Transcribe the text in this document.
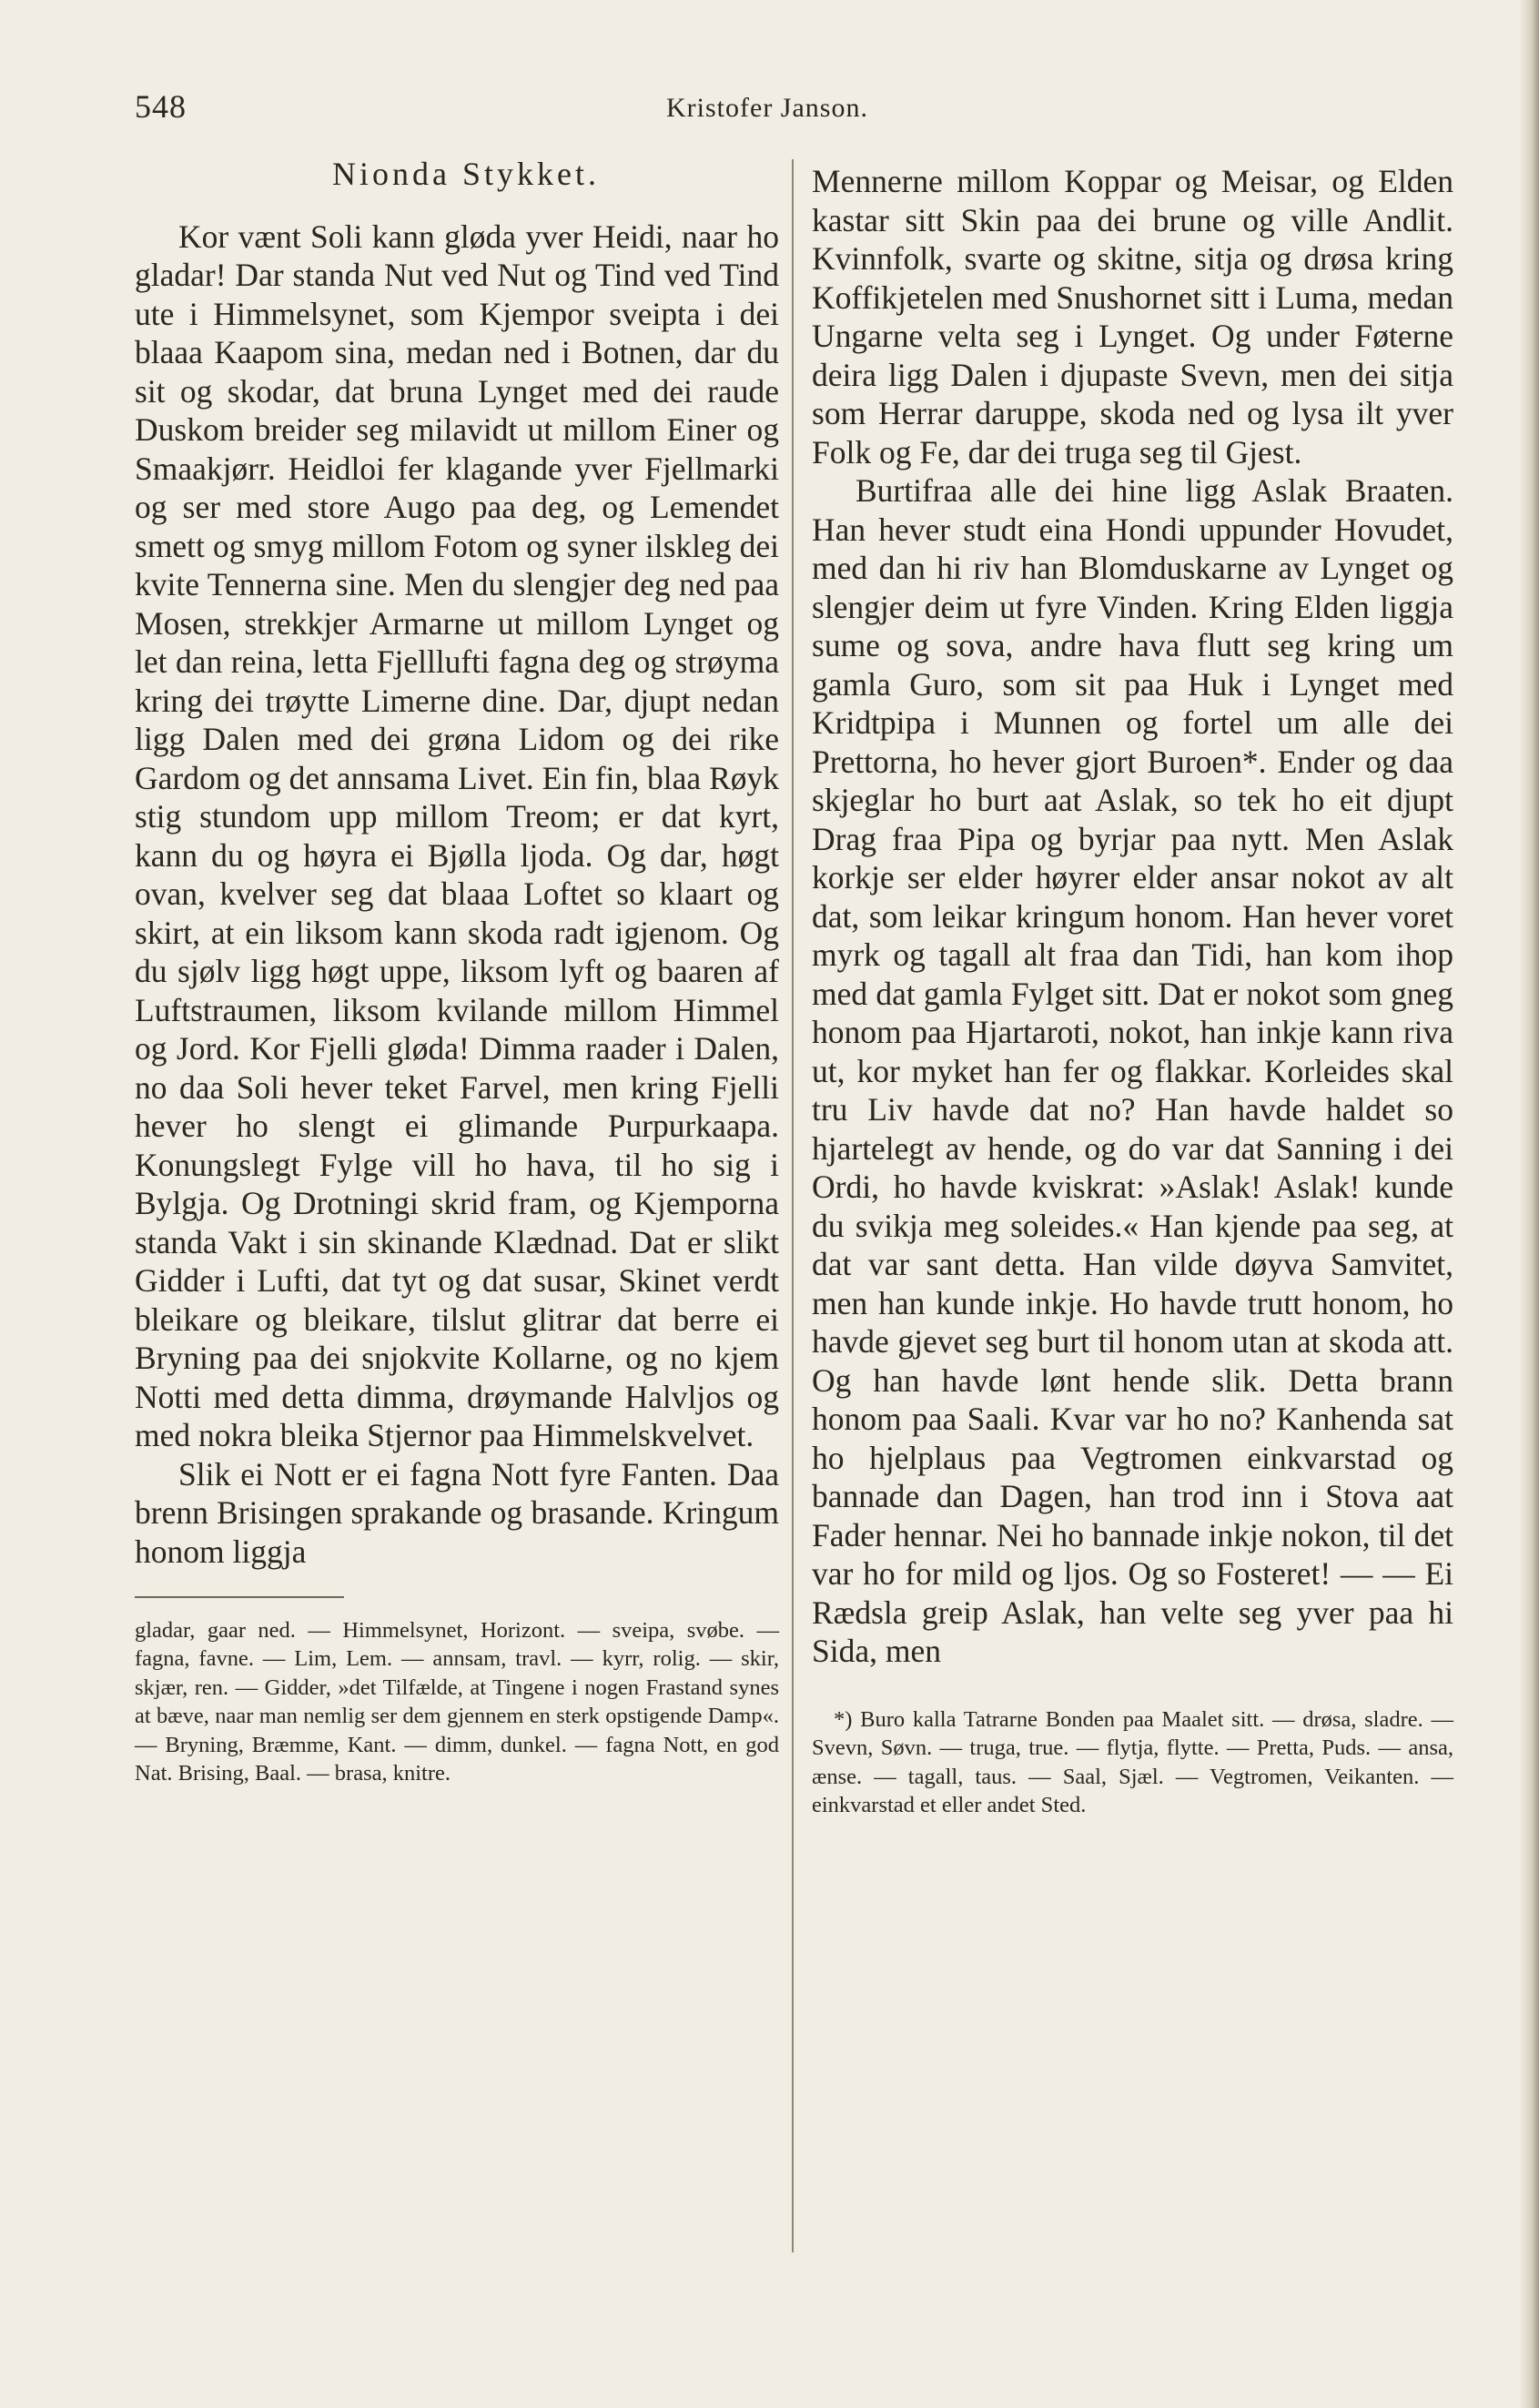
548	Kristofer Janson.
Nionda Stykket.

Kor vænt Soli kann gløda yver Heidi, naar ho gladar! Dar standa Nut ved Nut og Tind ved Tind ute i Himmelsynet, som Kjempor sveipta i dei blaaa Kaapom sina, medan ned i Botnen, dar du sit og skodar, dat bruna Lynget med dei raude Duskom breider seg milavidt ut millom Einer og Smaakjørr. Heidloi fer klagande yver Fjellmarki og ser med store Augo paa deg, og Lemendet smett og smyg millom Fotom og syner ilskleg dei kvite Tennerna sine. Men du slengjer deg ned paa Mosen, strekkjer Armarne ut millom Lynget og let dan reina, letta Fjelllufti fagna deg og strøyma kring dei trøytte Limerne dine. Dar, djupt nedan ligg Dalen med dei grøna Lidom og dei rike Gardom og det annsama Livet. Ein fin, blaa Røyk stig stundom upp millom Treom; er dat kyrt, kann du og høyra ei Bjølla ljoda. Og dar, høgt ovan, kvelver seg dat blaaa Loftet so klaart og skirt, at ein liksom kann skoda radt igjenom. Og du sjølv ligg høgt uppe, liksom lyft og baaren af Luftstraumen, liksom kvilande millom Himmel og Jord. Kor Fjelli gløda! Dimma raader i Dalen, no daa Soli hever teket Farvel, men kring Fjelli hever ho slengt ei glimande Purpurkaapa. Konungslegt Fylge vill ho hava, til ho sig i Bylgja. Og Drotningi skrid fram, og Kjemporna standa Vakt i sin skinande Klædnad. Dat er slikt Gidder i Lufti, dat tyt og dat susar, Skinet verdt bleikare og bleikare, tilslut glitrar dat berre ei Bryning paa dei snjokvite Kollarne, og no kjem Notti med detta dimma, drøymande Halvljos og med nokra bleika Stjernor paa Himmelskvelvet.

Slik ei Nott er ei fagna Nott fyre Fanten. Daa brenn Brisingen sprakande og brasande. Kringum honom liggja

gladar, gaar ned. — Himmelsynet, Horizont. — sveipa, svøbe. — fagna, favne. — Lim, Lem. — annsam, travl. — kyrr, rolig. — skir, skjær, ren. — Gidder, »det Tilfælde, at Tingene i nogen Frastand synes at bæve, naar man nemlig ser dem gjennem en sterk opstigende Damp«. — Bryning, Bræmme, Kant. — dimm, dunkel. — fagna Nott, en god Nat. Brising, Baal. — brasa, knitre.

Mennerne millom Koppar og Meisar, og Elden kastar sitt Skin paa dei brune og ville Andlit. Kvinnfolk, svarte og skitne, sitja og drøsa kring Koffikjetelen med Snushornet sitt i Luma, medan Ungarne velta seg i Lynget. Og under Føterne deira ligg Dalen i djupaste Svevn, men dei sitja som Herrar daruppe, skoda ned og lysa ilt yver Folk og Fe, dar dei truga seg til Gjest.

Burtifraa alle dei hine ligg Aslak Braaten. Han hever studt eina Hondi uppunder Hovudet, med dan hi riv han Blomduskarne av Lynget og slengjer deim ut fyre Vinden. Kring Elden liggja sume og sova, andre hava flutt seg kring um gamla Guro, som sit paa Huk i Lynget med Kridtpipa i Munnen og fortel um alle dei Prettorna, ho hever gjort Buroen*. Ender og daa skjeglar ho burt aat Aslak, so tek ho eit djupt Drag fraa Pipa og byrjar paa nytt. Men Aslak korkje ser elder høyrer elder ansar nokot av alt dat, som leikar kringum honom. Han hever voret myrk og tagall alt fraa dan Tidi, han kom ihop med dat gamla Fylget sitt. Dat er nokot som gneg honom paa Hjartaroti, nokot, han inkje kann riva ut, kor myket han fer og flakkar. Korleides skal tru Liv havde dat no? Han havde haldet so hjartelegt av hende, og do var dat Sanning i dei Ordi, ho havde kviskrat: »Aslak! Aslak! kunde du svikja meg soleides.« Han kjende paa seg, at dat var sant detta. Han vilde døyva Samvitet, men han kunde inkje. Ho havde trutt honom, ho havde gjevet seg burt til honom utan at skoda att. Og han havde lønt hende slik. Detta brann honom paa Saali. Kvar var ho no? Kanhenda sat ho hjelplaus paa Vegtromen einkvarstad og bannade dan Dagen, han trod inn i Stova aat Fader hennar. Nei ho bannade inkje nokon, til det var ho for mild og ljos. Og so Fosteret! — — Ei Rædsla greip Aslak, han velte seg yver paa hi Sida, men

*) Buro kalla Tatrarne Bonden paa Maalet sitt. — drøsa, sladre. — Svevn, Søvn. — truga, true. — flytja, flytte. — Pretta, Puds. — ansa, ænse. — tagall, taus. — Saal, Sjæl. — Vegtromen, Veikanten. — einkvarstad et eller andet Sted.
